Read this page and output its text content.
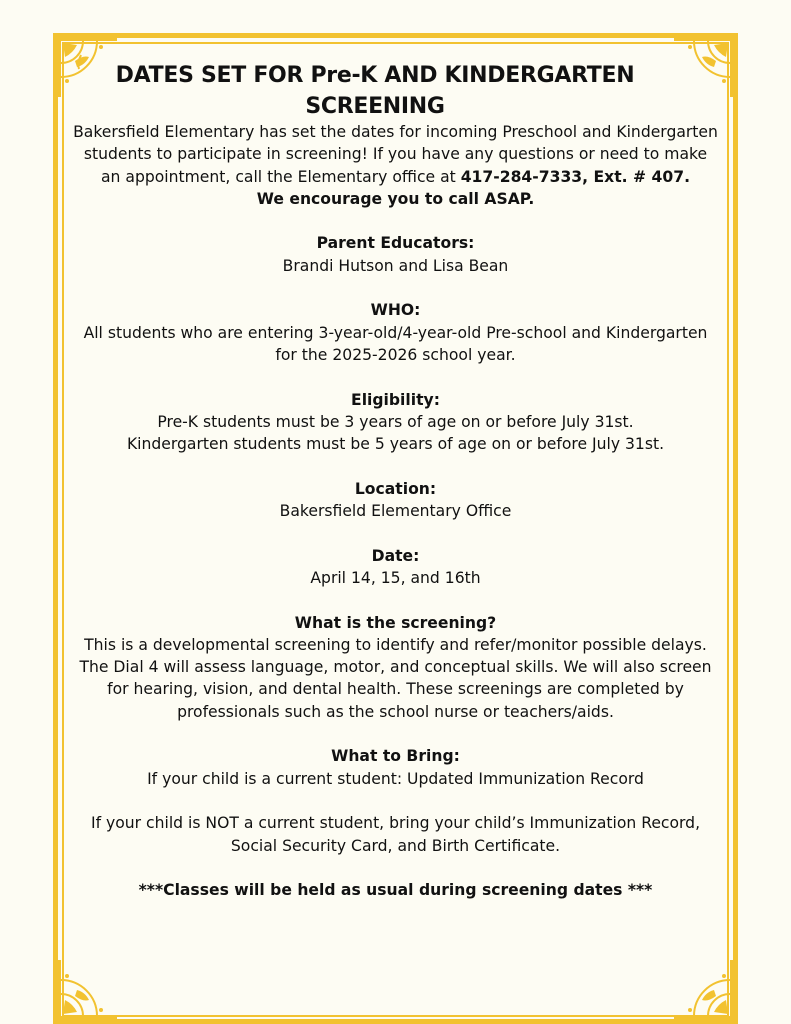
DATES SET FOR Pre-K AND KINDERGARTEN SCREENING

Bakersfield Elementary has set the dates for incoming Preschool and Kindergarten students to participate in screening! If you have any questions or need to make an appointment, call the Elementary office at 417-284-7333, Ext. # 407.

We encourage you to call ASAP.

Parent Educators:

Brandi Hutson and Lisa Bean

WHO:

All students who are entering 3-year-old/4-year-old Pre-school and Kindergarten for the 2025-2026 school year.

Eligibility:

Pre-K students must be 3 years of age on or before July 31st.

Kindergarten students must be 5 years of age on or before July 31st.

Location:

Bakersfield Elementary Office

Date:

April 14, 15, and 16th

What is the screening?

This is a developmental screening to identify and refer/monitor possible delays. The Dial 4 will assess language, motor, and conceptual skills. We will also screen for hearing, vision, and dental health. These screenings are completed by professionals such as the school nurse or teachers/aids.

What to Bring:

If your child is a current student: Updated Immunization Record

If your child is NOT a current student, bring your child’s Immunization Record, Social Security Card, and Birth Certificate.

***Classes will be held as usual during screening dates ***
